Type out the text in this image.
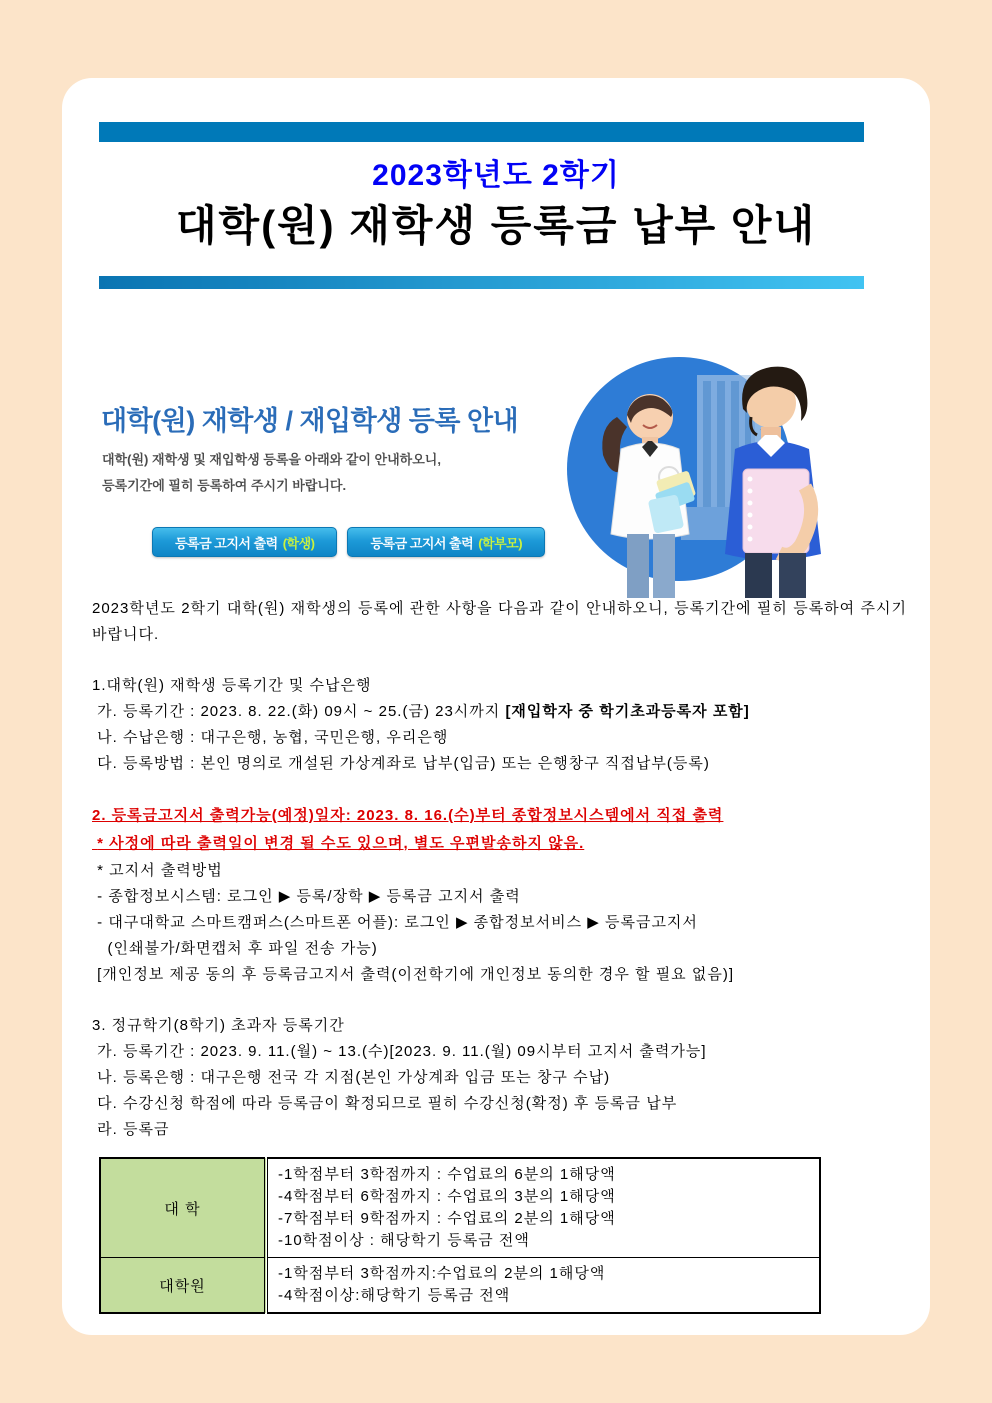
2023학년도 2학기
대학(원) 재학생 등록금 납부 안내
대학(원) 재학생 / 재입학생 등록 안내
대학(원) 재학생 및 재입학생 등록을 아래와 같이 안내하오니,
등록기간에 필히 등록하여 주시기 바랍니다.
등록금 고지서 출력 (학생)	등록금 고지서 출력 (학부모)

2023학년도 2학기 대학(원) 재학생의 등록에 관한 사항을 다음과 같이 안내하오니, 등록기간에 필히 등록하여 주시기 바랍니다.

1.대학(원) 재학생 등록기간 및 수납은행
가. 등록기간 : 2023. 8. 22.(화) 09시 ~ 25.(금) 23시까지 [재입학자 중 학기초과등록자 포함]
나. 수납은행 : 대구은행, 농협, 국민은행, 우리은행
다. 등록방법 : 본인 명의로 개설된 가상계좌로 납부(입금) 또는 은행창구 직접납부(등록)
2. 등록금고지서 출력가능(예정)일자: 2023. 8. 16.(수)부터 종합정보시스템에서 직접 출력
* 사정에 따라 출력일이 변경 될 수도 있으며, 별도 우편발송하지 않음.
* 고지서 출력방법
- 종합정보시스템: 로그인 ▶ 등록/장학 ▶ 등록금 고지서 출력
- 대구대학교 스마트캠퍼스(스마트폰 어플): 로그인 ▶ 종합정보서비스 ▶ 등록금고지서
(인쇄불가/화면캡처 후 파일 전송 가능)
[개인정보 제공 동의 후 등록금고지서 출력(이전학기에 개인정보 동의한 경우 할 필요 없음)]
3. 정규학기(8학기) 초과자 등록기간
가. 등록기간 : 2023. 9. 11.(월) ~ 13.(수)[2023. 9. 11.(월) 09시부터 고지서 출력가능]
나. 등록은행 : 대구은행 전국 각 지점(본인 가상계좌 입금 또는 창구 수납)
다. 수강신청 학점에 따라 등록금이 확정되므로 필히 수강신청(확정) 후 등록금 납부
라. 등록금
대 학	-1학점부터 3학점까지 : 수업료의 6분의 1해당액
-4학점부터 6학점까지 : 수업료의 3분의 1해당액
-7학점부터 9학점까지 : 수업료의 2분의 1해당액
-10학점이상 : 해당학기 등록금 전액

대학원	-1학점부터 3학점까지:수업료의 2분의 1해당액
-4학점이상:해당학기 등록금 전액
